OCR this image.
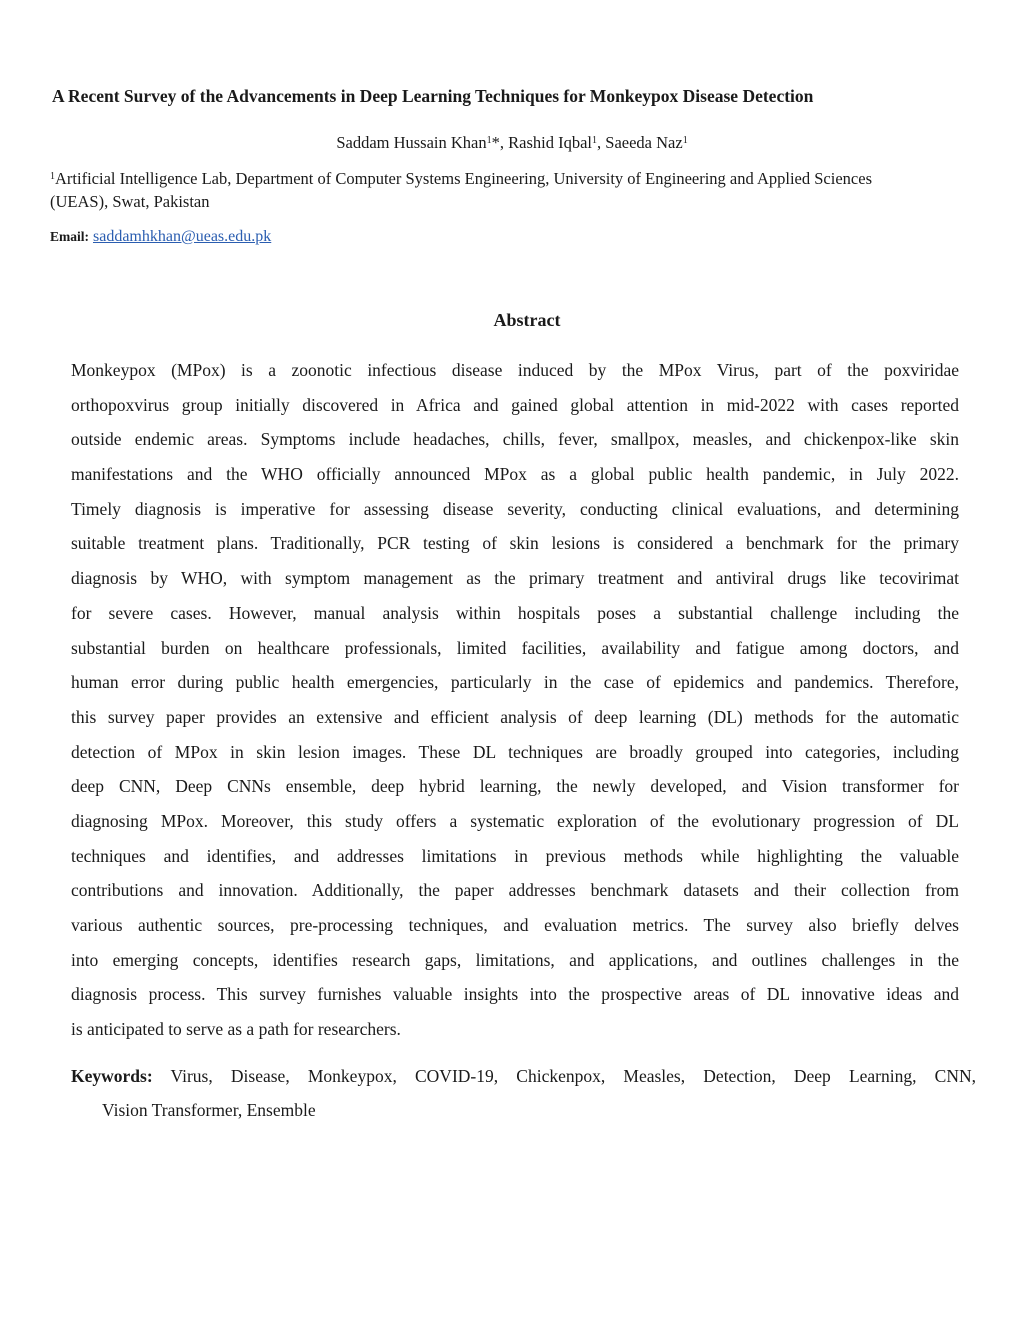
A Recent Survey of the Advancements in Deep Learning Techniques for Monkeypox Disease Detection
Saddam Hussain Khan$^1$*, Rashid Iqbal$^1$, Saeeda Naz$^1$
$^1$Artificial Intelligence Lab, Department of Computer Systems Engineering, University of Engineering and Applied Sciences
(UEAS), Swat, Pakistan
Email: saddamhkhan@ueas.edu.pk
Abstract
Monkeypox (MPox) is a zoonotic infectious disease induced by the MPox Virus, part of the poxviridae
orthopoxvirus group initially discovered in Africa and gained global attention in mid-2022 with cases reported
outside endemic areas. Symptoms include headaches, chills, fever, smallpox, measles, and chickenpox-like skin
manifestations and the WHO officially announced MPox as a global public health pandemic, in July 2022.
Timely diagnosis is imperative for assessing disease severity, conducting clinical evaluations, and determining
suitable treatment plans. Traditionally, PCR testing of skin lesions is considered a benchmark for the primary
diagnosis by WHO, with symptom management as the primary treatment and antiviral drugs like tecovirimat
for severe cases. However, manual analysis within hospitals poses a substantial challenge including the
substantial burden on healthcare professionals, limited facilities, availability and fatigue among doctors, and
human error during public health emergencies, particularly in the case of epidemics and pandemics. Therefore,
this survey paper provides an extensive and efficient analysis of deep learning (DL) methods for the automatic
detection of MPox in skin lesion images. These DL techniques are broadly grouped into categories, including
deep CNN, Deep CNNs ensemble, deep hybrid learning, the newly developed, and Vision transformer for
diagnosing MPox. Moreover, this study offers a systematic exploration of the evolutionary progression of DL
techniques and identifies, and addresses limitations in previous methods while highlighting the valuable
contributions and innovation. Additionally, the paper addresses benchmark datasets and their collection from
various authentic sources, pre-processing techniques, and evaluation metrics. The survey also briefly delves
into emerging concepts, identifies research gaps, limitations, and applications, and outlines challenges in the
diagnosis process. This survey furnishes valuable insights into the prospective areas of DL innovative ideas and
is anticipated to serve as a path for researchers.
Keywords: Virus, Disease, Monkeypox, COVID-19, Chickenpox, Measles, Detection, Deep Learning, CNN,
Vision Transformer, Ensemble
